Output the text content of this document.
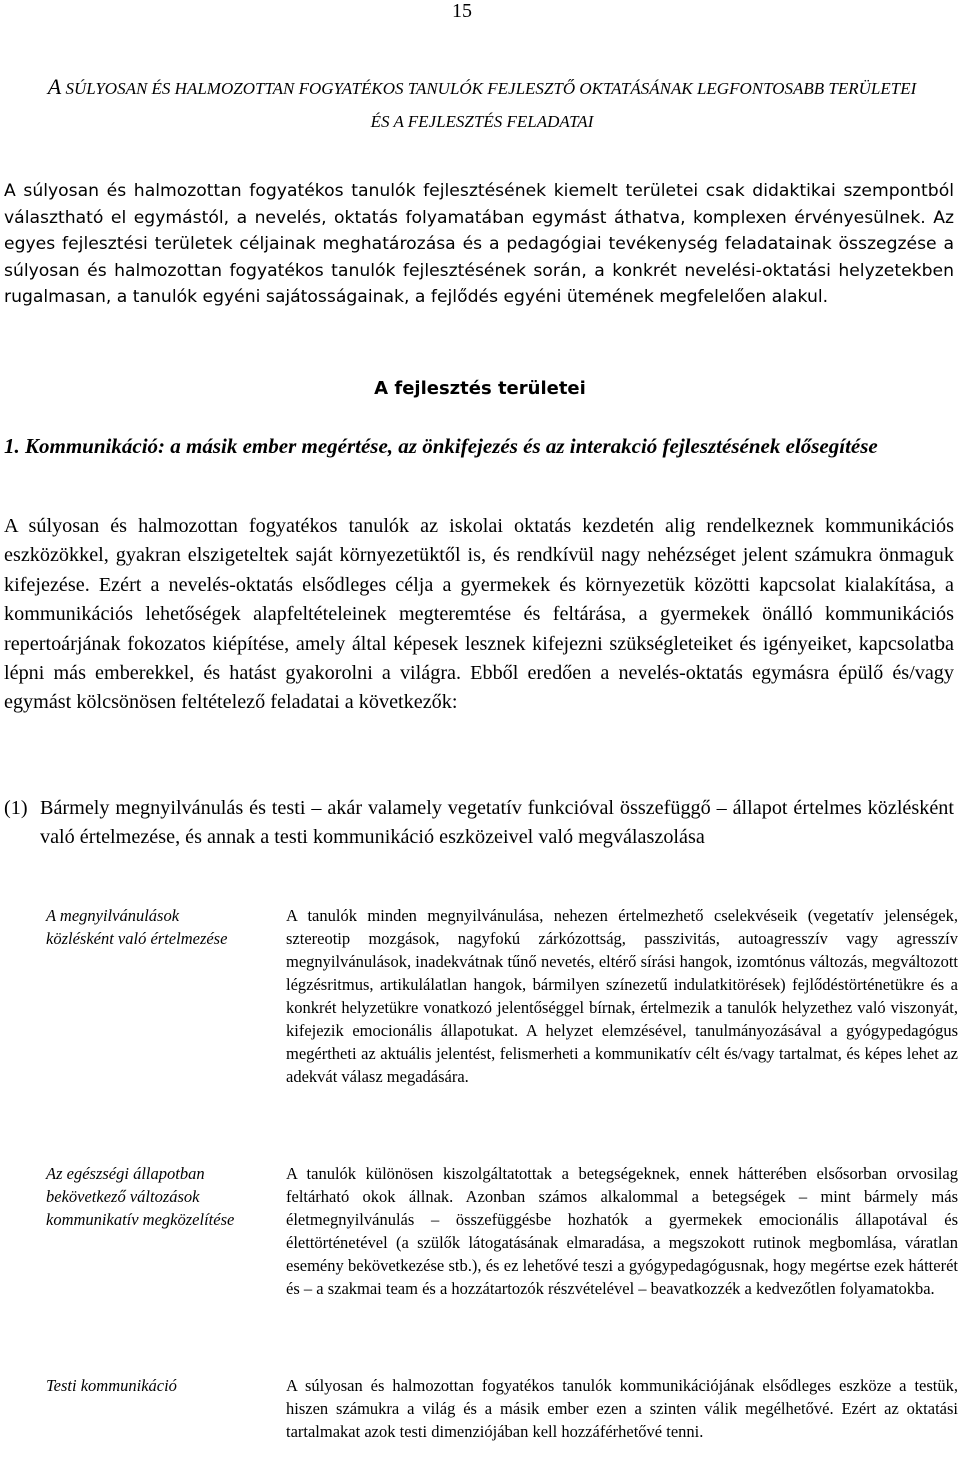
15
A SÚLYOSAN ÉS HALMOZOTTAN FOGYATÉKOS TANULÓK FEJLESZTŐ OKTATÁSÁNAK LEGFONTOSABB TERÜLETEI
ÉS A FEJLESZTÉS FELADATAI
A súlyosan és halmozottan fogyatékos tanulók fejlesztésének kiemelt területei csak didaktikai szempontból választható el egymástól, a nevelés, oktatás folyamatában egymást áthatva, komplexen érvényesülnek. Az egyes fejlesztési területek céljainak meghatározása és a pedagógiai tevékenység feladatainak összegzése a súlyosan és halmozottan fogyatékos tanulók fejlesztésének során, a konkrét nevelési-oktatási helyzetekben rugalmasan, a tanulók egyéni sajátosságainak, a fejlődés egyéni ütemének megfelelően alakul.
A fejlesztés területei
1. Kommunikáció: a másik ember megértése, az önkifejezés és az interakció fejlesztésének elősegítése
A súlyosan és halmozottan fogyatékos tanulók az iskolai oktatás kezdetén alig rendelkeznek kommunikációs eszközökkel, gyakran elszigeteltek saját környezetüktől is, és rendkívül nagy nehézséget jelent számukra önmaguk kifejezése. Ezért a nevelés-oktatás elsődleges célja a gyermekek és környezetük közötti kapcsolat kialakítása, a kommunikációs lehetőségek alapfeltételeinek megteremtése és feltárása, a gyermekek önálló kommunikációs repertoárjának fokozatos kiépítése, amely által képesek lesznek kifejezni szükségleteiket és igényeiket, kapcsolatba lépni más emberekkel, és hatást gyakorolni a világra. Ebből eredően a nevelés-oktatás egymásra épülő és/vagy egymást kölcsönösen feltételező feladatai a következők:
(1) Bármely megnyilvánulás és testi – akár valamely vegetatív funkcióval összefüggő – állapot értelmes közlésként való értelmezése, és annak a testi kommunikáció eszközeivel való megválaszolása
A megnyilvánulások közlésként való értelmezése
A tanulók minden megnyilvánulása, nehezen értelmezhető cselekvéseik (vegetatív jelenségek, sztereotip mozgások, nagyfokú zárkózottság, passzivitás, autoagresszív vagy agresszív megnyilvánulások, inadekvátnak tűnő nevetés, eltérő sírási hangok, izomtónus változás, megváltozott légzésritmus, artikulálatlan hangok, bármilyen színezetű indulatkitörések) fejlődéstörténetükre és a konkrét helyzetükre vonatkozó jelentőséggel bírnak, értelmezik a tanulók helyzethez való viszonyát, kifejezik emocionális állapotukat. A helyzet elemzésével, tanulmányozásával a gyógypedagógus megértheti az aktuális jelentést, felismerheti a kommunikatív célt és/vagy tartalmat, és képes lehet az adekvát válasz megadására.
Az egészségi állapotban bekövetkező változások kommunikatív megközelítése
A tanulók különösen kiszolgáltatottak a betegségeknek, ennek hátterében elsősorban orvosilag feltárható okok állnak. Azonban számos alkalommal a betegségek – mint bármely más életmegnyilvánulás – összefüggésbe hozhatók a gyermekek emocionális állapotával és élettörténetével (a szülők látogatásának elmaradása, a megszokott rutinok megbomlása, váratlan esemény bekövetkezése stb.), és ez lehetővé teszi a gyógypedagógusnak, hogy megértse ezek hátterét és – a szakmai team és a hozzátartozók részvételével – beavatkozzék a kedvezőtlen folyamatokba.
Testi kommunikáció	A súlyosan és halmozottan fogyatékos tanulók kommunikációjának elsődleges eszköze a testük, hiszen számukra a világ és a másik ember ezen a szinten válik megélhetővé. Ezért az oktatási tartalmakat azok testi dimenziójában kell hozzáférhetővé tenni.
